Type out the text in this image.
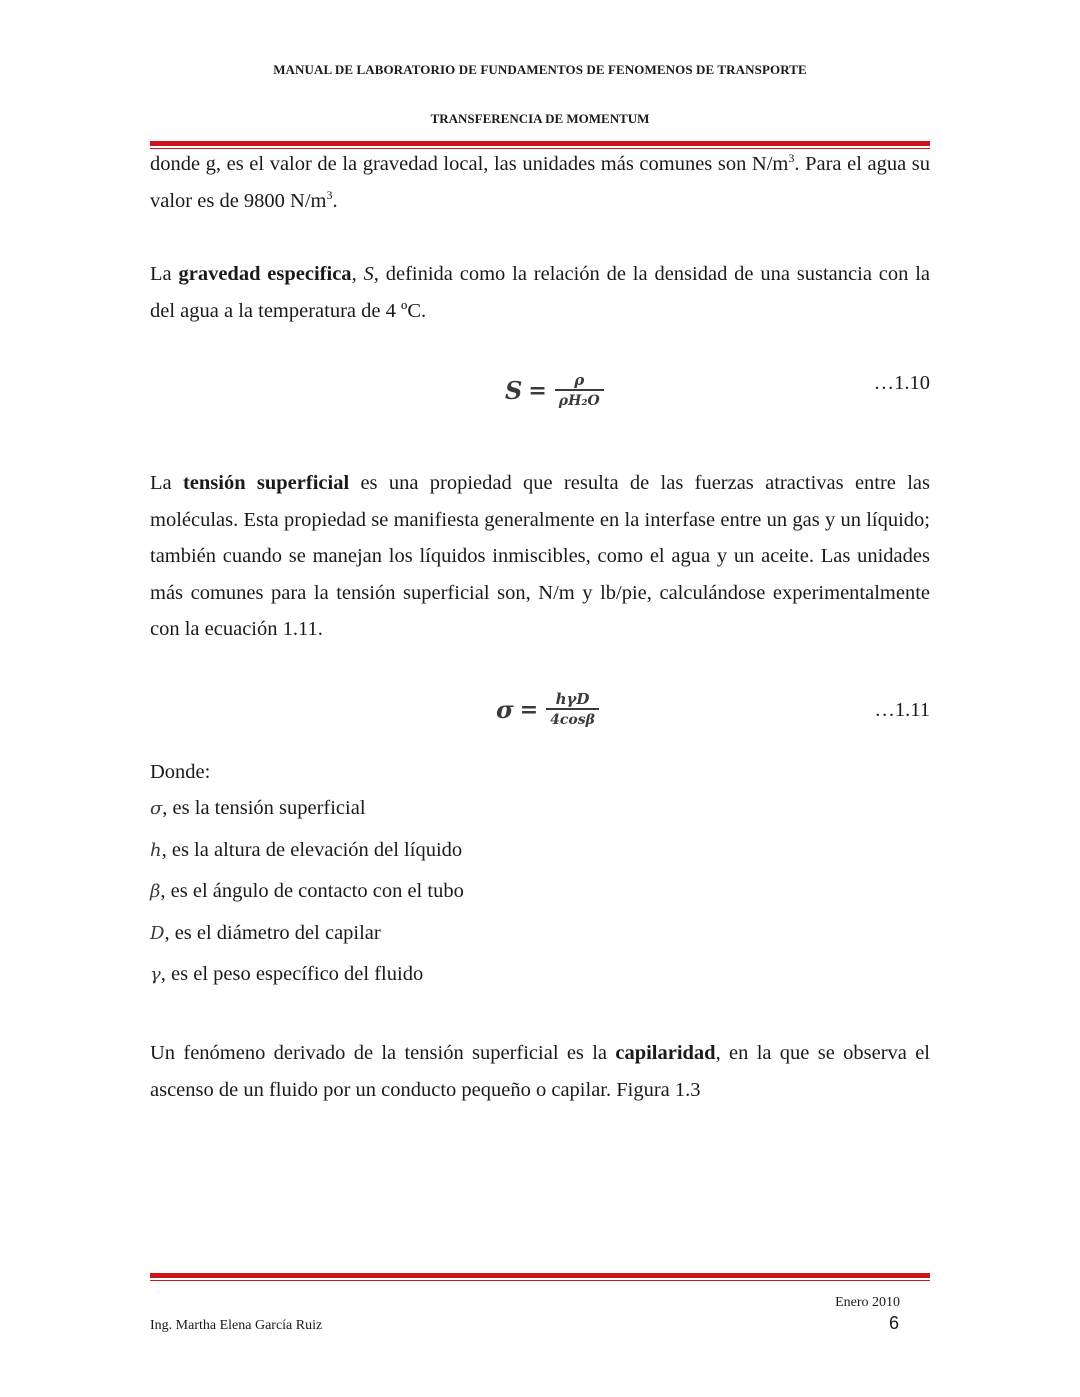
MANUAL DE LABORATORIO DE FUNDAMENTOS DE FENOMENOS DE TRANSPORTE
TRANSFERENCIA DE MOMENTUM
donde g, es el valor de la gravedad local, las unidades más comunes son $N/m^3$. Para el agua su valor es de 9800 $N/m^3$.
La gravedad especifica, S, definida como la relación de la densidad de una sustancia con la del agua a la temperatura de 4 ºC.
$S = \frac{\rho}{\text{ρH₂O}}$	…1.10
La tensión superficial es una propiedad que resulta de las fuerzas atractivas entre las moléculas. Esta propiedad se manifiesta generalmente en la interfase entre un gas y un líquido; también cuando se manejan los líquidos inmiscibles, como el agua y un aceite. Las unidades más comunes para la tensión superficial son, N/m y lb/pie, calculándose experimentalmente con la ecuación 1.11.
$\sigma = \frac{\text{hγD}}{4\cos\beta}$	…1.11
Donde:
σ, es la tensión superficial
h, es la altura de elevación del líquido
β, es el ángulo de contacto con el tubo
D, es el diámetro del capilar
γ, es el peso específico del fluido
Un fenómeno derivado de la tensión superficial es la capilaridad, en la que se observa el ascenso de un fluido por un conducto pequeño o capilar. Figura 1.3
Enero 2010
Ing. Martha Elena García Ruiz	6
